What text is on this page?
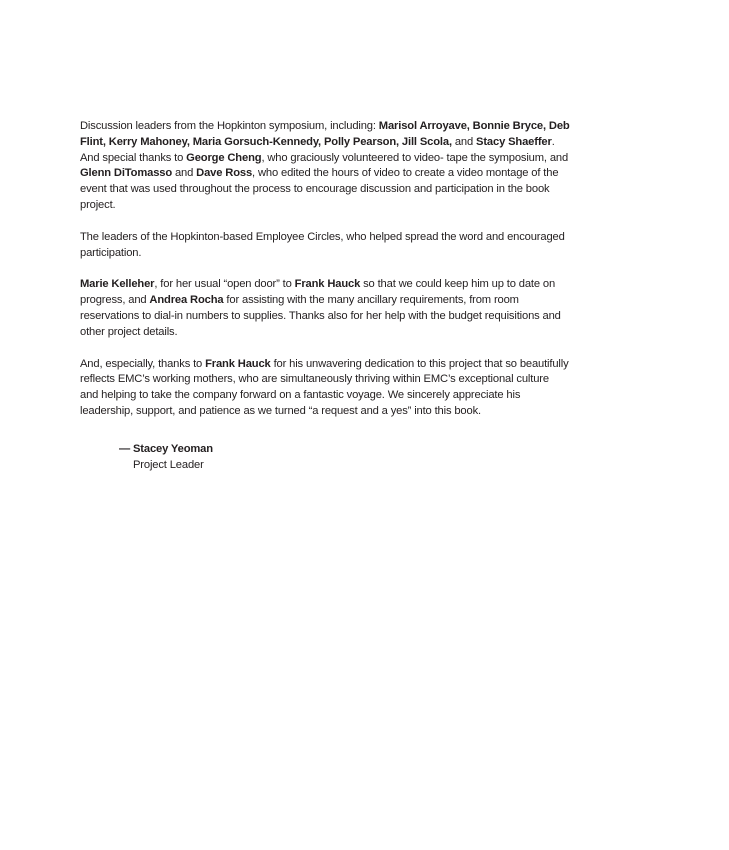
Discussion leaders from the Hopkinton symposium, including: Marisol Arroyave, Bonnie Bryce, Deb Flint, Kerry Mahoney, Maria Gorsuch-Kennedy, Polly Pearson, Jill Scola, and Stacy Shaeffer. And special thanks to George Cheng, who graciously volunteered to video- tape the symposium, and Glenn DiTomasso and Dave Ross, who edited the hours of video to create a video montage of the event that was used throughout the process to encourage discussion and participation in the book project.

The leaders of the Hopkinton-based Employee Circles, who helped spread the word and encouraged participation.

Marie Kelleher, for her usual “open door” to Frank Hauck so that we could keep him up to date on progress, and Andrea Rocha for assisting with the many ancillary requirements, from room reservations to dial-in numbers to supplies. Thanks also for her help with the budget requisitions and other project details.

And, especially, thanks to Frank Hauck for his unwavering dedication to this project that so beautifully reflects EMC’s working mothers, who are simultaneously thriving within EMC’s exceptional culture and helping to take the company forward on a fantastic voyage. We sincerely appreciate his leadership, support, and patience as we turned “a request and a yes” into this book.

— Stacey Yeoman
Project Leader
